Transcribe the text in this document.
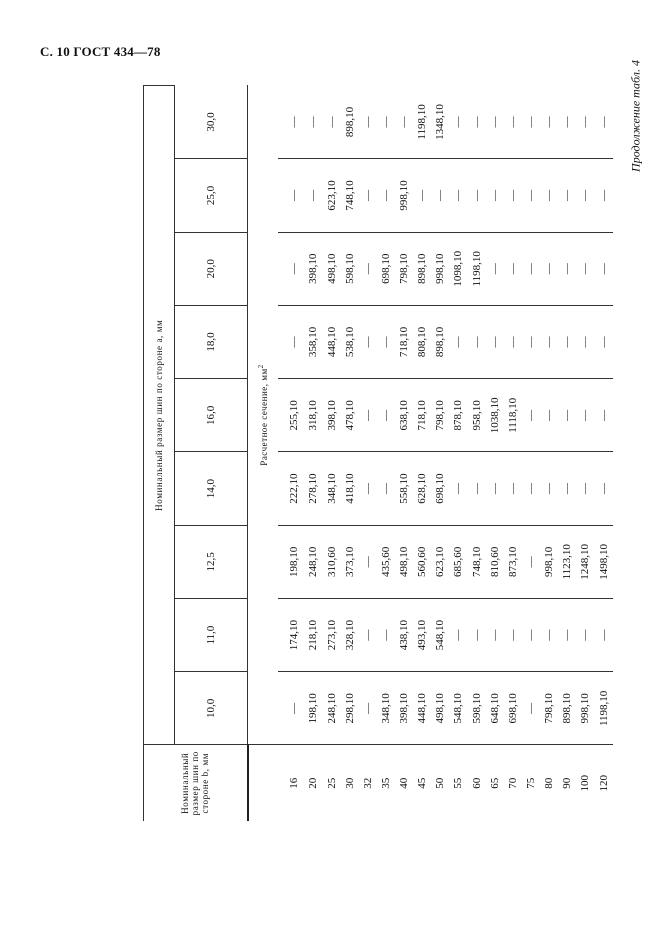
С. 10 ГОСТ 434—78
Продолжение табл. 4
Номинальный размер шин по стороне b, мм	Номинальный размер шин по стороне a, мм								
	10,0	11,0	12,5	14,0	16,0	18,0	20,0	25,0	30,0
	Расчетное сечение, $мм^2$
16	—	174,10	198,10	222,10	255,10	—	—	—	—
20	198,10	218,10	248,10	278,10	318,10	358,10	398,10	—	—
25	248,10	273,10	310,60	348,10	398,10	448,10	498,10	623,10	—
30	298,10	328,10	373,10	418,10	478,10	538,10	598,10	748,10	898,10
32	—	—	—	—	—	—	—	—	—
35	348,10	—	435,60	—	—	—	698,10	—	—
40	398,10	438,10	498,10	558,10	638,10	718,10	798,10	998,10	—
45	448,10	493,10	560,60	628,10	718,10	808,10	898,10	—	1198,10
50	498,10	548,10	623,10	698,10	798,10	898,10	998,10	—	1348,10
55	548,10	—	685,60	—	878,10	—	1098,10	—	—
60	598,10	—	748,10	—	958,10	—	1198,10	—	—
65	648,10	—	810,60	—	1038,10	—	—	—	—
70	698,10	—	873,10	—	1118,10	—	—	—	—
75	—	—	—	—	—	—	—	—	—
80	798,10	—	998,10	—	—	—	—	—	—
90	898,10	—	1123,10	—	—	—	—	—	—
100	998,10	—	1248,10	—	—	—	—	—	—
120	1198,10	—	1498,10	—	—	—	—	—	—
